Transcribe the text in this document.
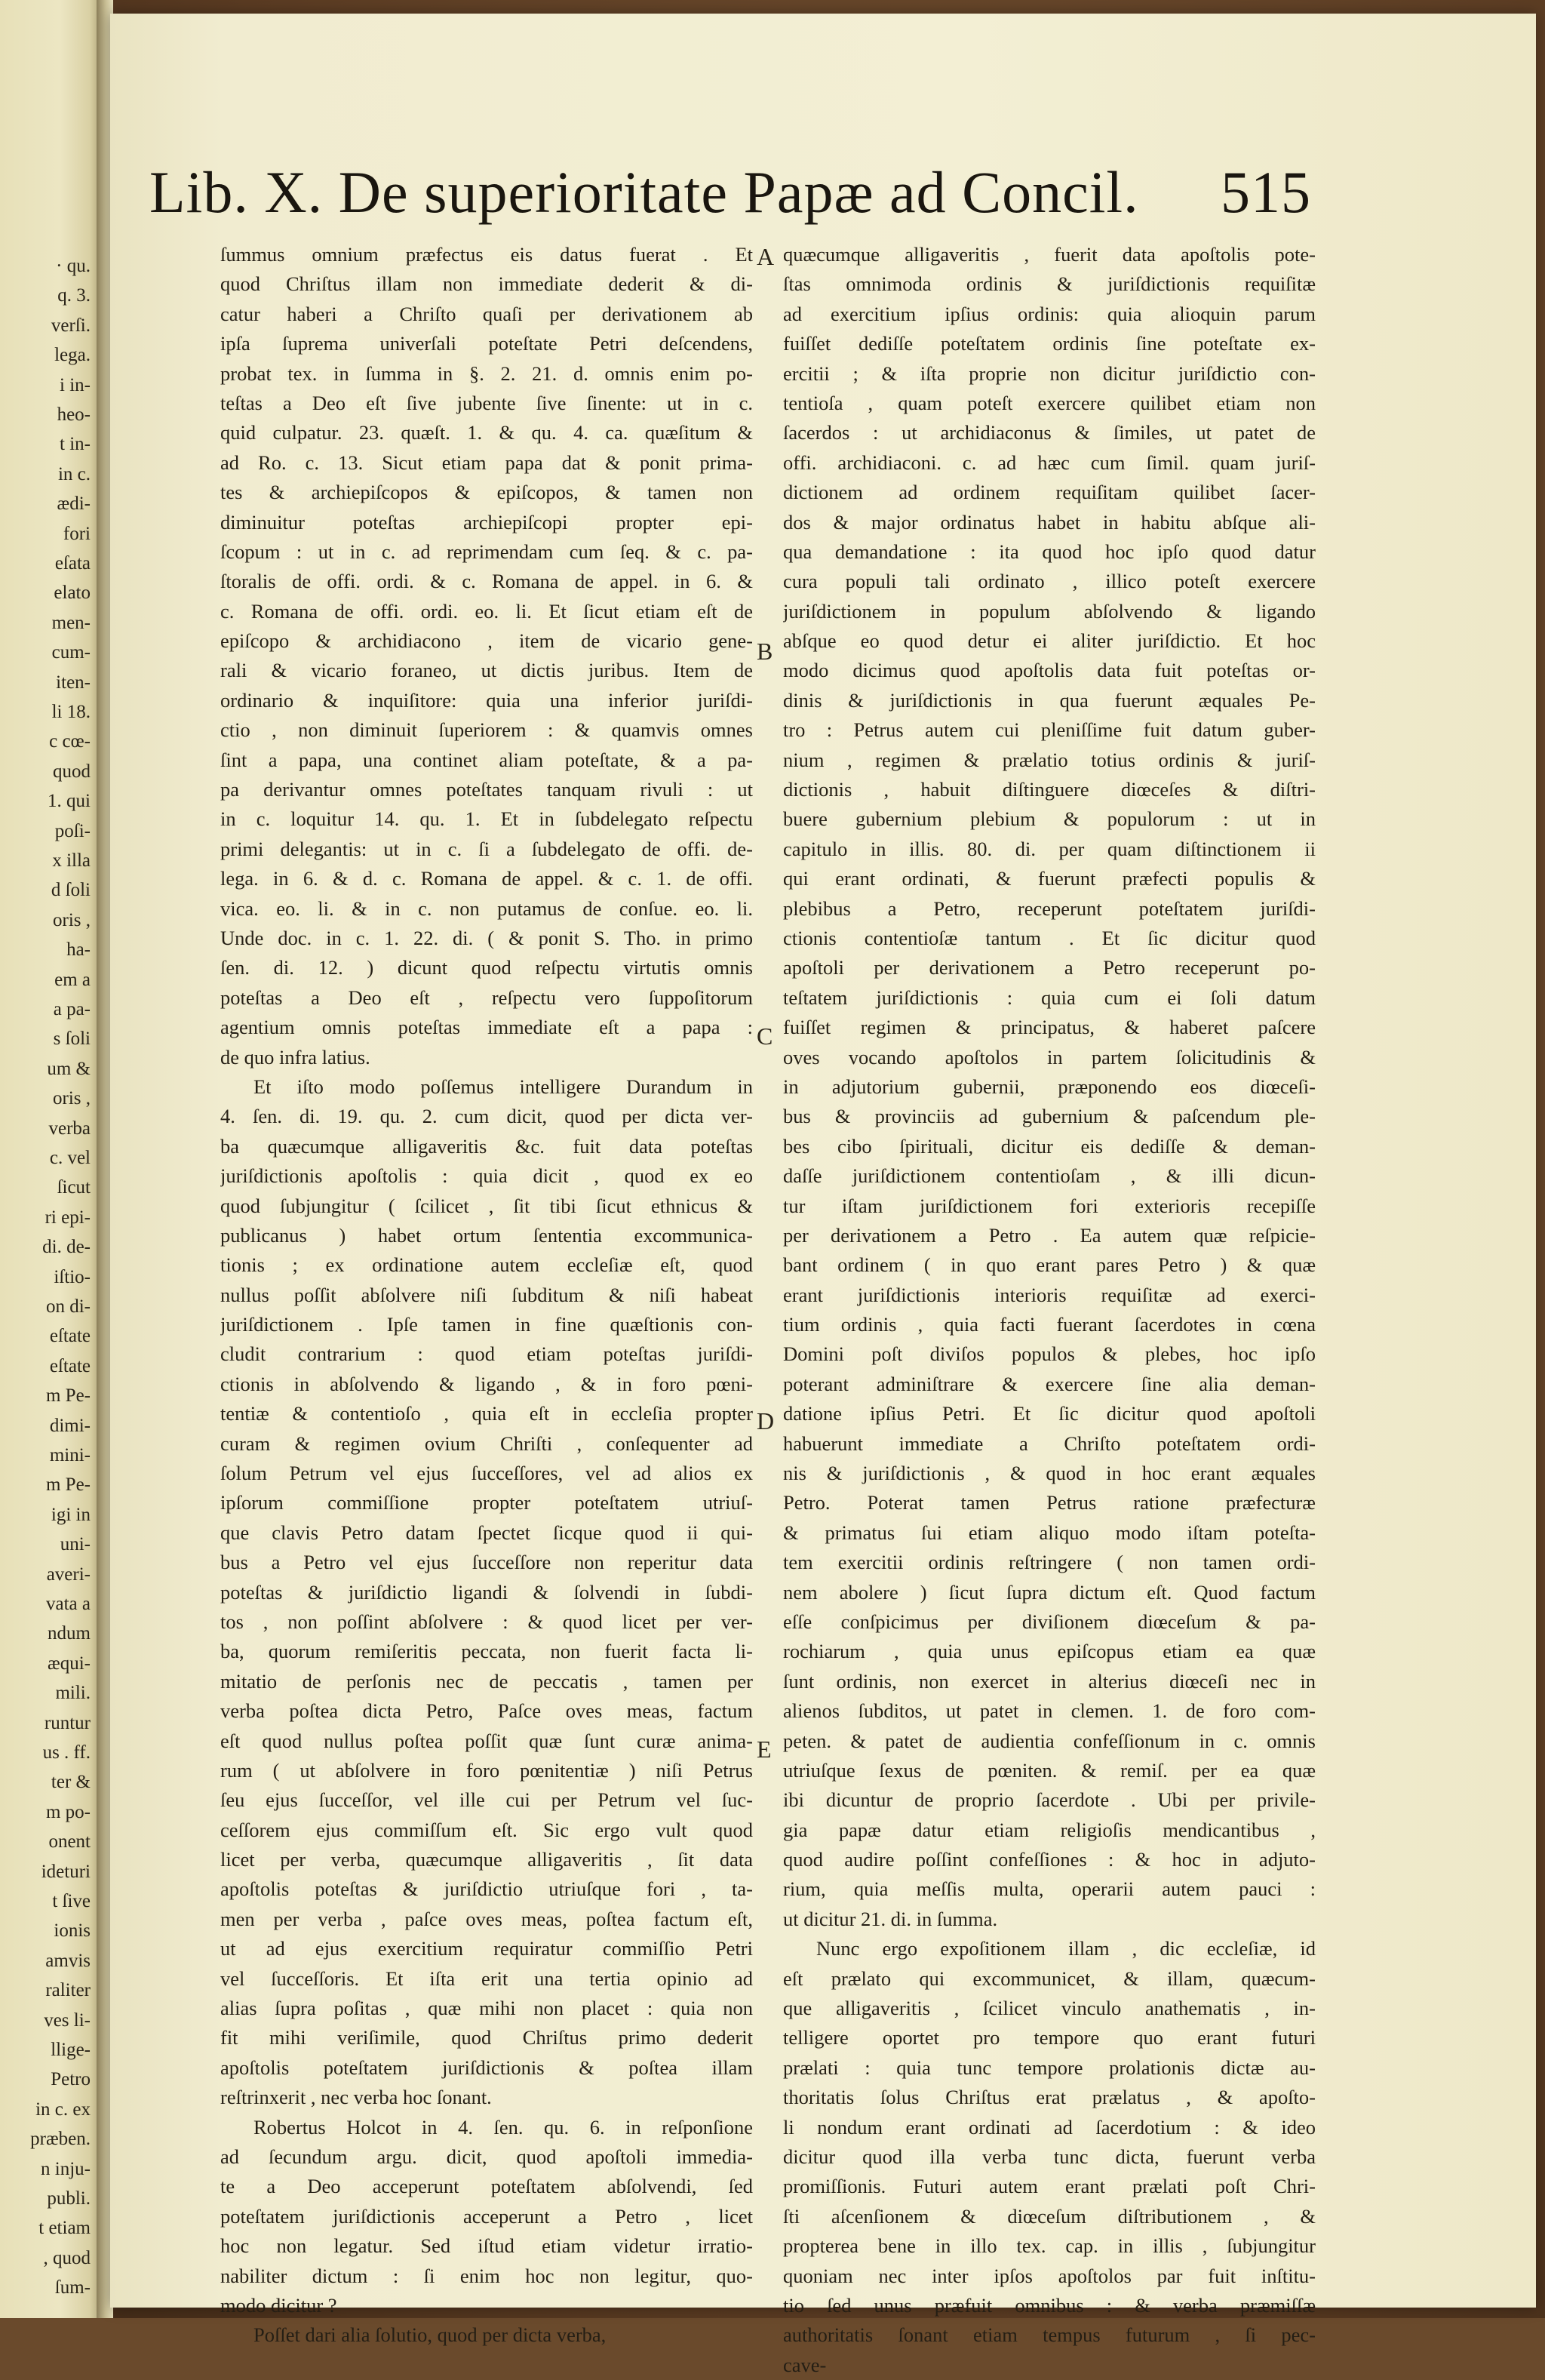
· qu.
q. 3.
verſi.
lega.
i in-
heo-
t in-
in c.
ædi-
fori
eſata
elato
men-
cum-
iten-
li 18.
c cœ-
quod
1. qui
poſi-
x illa
d ſoli
oris ,
ha-
em a
a pa-
s ſoli
um &
oris ,
verba
c. vel
ſicut
ri epi-
di. de-
iſtio-
on di-
eſtate
eſtate
m Pe-
dimi-
mini-
m Pe-
igi in
uni-
averi-
vata a
ndum
æqui-
mili.
runtur
us . ff.
ter &
m po-
onent
ideturi
t ſive
ionis
amvis
raliter
ves li-
llige-
Petro
in c. ex
præben.
n inju-
publi.
t etiam
, quod
ſum-
Lib. X. De superioritate Papæ ad Concil. 515
ſummus omnium præfectus eis datus fuerat . Et
quod Chriſtus illam non immediate dederit & di-
catur haberi a Chriſto quaſi per derivationem ab
ipſa ſuprema univerſali poteſtate Petri deſcendens,
probat tex. in ſumma in §. 2. 21. d. omnis enim po-
teſtas a Deo eſt ſive jubente ſive ſinente: ut in c.
quid culpatur. 23. quæſt. 1. & qu. 4. ca. quæſitum &
ad Ro. c. 13. Sicut etiam papa dat & ponit prima-
tes & archiepiſcopos & epiſcopos, & tamen non
diminuitur poteſtas archiepiſcopi propter epi-
ſcopum : ut in c. ad reprimendam cum ſeq. & c. pa-
ſtoralis de offi. ordi. & c. Romana de appel. in 6. &
c. Romana de offi. ordi. eo. li. Et ſicut etiam eſt de
epiſcopo & archidiacono , item de vicario gene-
rali & vicario foraneo, ut dictis juribus. Item de
ordinario & inquiſitore: quia una inferior juriſdi-
ctio , non diminuit ſuperiorem : & quamvis omnes
ſint a papa, una continet aliam poteſtate, & a pa-
pa derivantur omnes poteſtates tanquam rivuli : ut
in c. loquitur 14. qu. 1. Et in ſubdelegato reſpectu
primi delegantis: ut in c. ſi a ſubdelegato de offi. de-
lega. in 6. & d. c. Romana de appel. & c. 1. de offi.
vica. eo. li. & in c. non putamus de conſue. eo. li.
Unde doc. in c. 1. 22. di. ( & ponit S. Tho. in primo
ſen. di. 12. ) dicunt quod reſpectu virtutis omnis
poteſtas a Deo eſt , reſpectu vero ſuppoſitorum
agentium omnis poteſtas immediate eſt a papa :
de quo infra latius.
Et iſto modo poſſemus intelligere Durandum in
4. ſen. di. 19. qu. 2. cum dicit, quod per dicta ver-
ba quæcumque alligaveritis &c. fuit data poteſtas
juriſdictionis apoſtolis : quia dicit , quod ex eo
quod ſubjungitur ( ſcilicet , ſit tibi ſicut ethnicus &
publicanus ) habet ortum ſententia excommunica-
tionis ; ex ordinatione autem eccleſiæ eſt, quod
nullus poſſit abſolvere niſi ſubditum & niſi habeat
juriſdictionem . Ipſe tamen in fine quæſtionis con-
cludit contrarium : quod etiam poteſtas juriſdi-
ctionis in abſolvendo & ligando , & in foro pœni-
tentiæ & contentioſo , quia eſt in eccleſia propter
curam & regimen ovium Chriſti , conſequenter ad
ſolum Petrum vel ejus ſucceſſores, vel ad alios ex
ipſorum commiſſione propter poteſtatem utriuſ-
que clavis Petro datam ſpectet ſicque quod ii qui-
bus a Petro vel ejus ſucceſſore non reperitur data
poteſtas & juriſdictio ligandi & ſolvendi in ſubdi-
tos , non poſſint abſolvere : & quod licet per ver-
ba, quorum remiſeritis peccata, non fuerit facta li-
mitatio de perſonis nec de peccatis , tamen per
verba poſtea dicta Petro, Paſce oves meas, factum
eſt quod nullus poſtea poſſit quæ ſunt curæ anima-
rum ( ut abſolvere in foro pœnitentiæ ) niſi Petrus
ſeu ejus ſucceſſor, vel ille cui per Petrum vel ſuc-
ceſſorem ejus commiſſum eſt. Sic ergo vult quod
licet per verba, quæcumque alligaveritis , ſit data
apoſtolis poteſtas & juriſdictio utriuſque fori , ta-
men per verba , paſce oves meas, poſtea factum eſt,
ut ad ejus exercitium requiratur commiſſio Petri
vel ſucceſſoris. Et iſta erit una tertia opinio ad
alias ſupra poſitas , quæ mihi non placet : quia non
fit mihi veriſimile, quod Chriſtus primo dederit
apoſtolis poteſtatem juriſdictionis & poſtea illam
reſtrinxerit , nec verba hoc ſonant.
Robertus Holcot in 4. ſen. qu. 6. in reſponſione
ad ſecundum argu. dicit, quod apoſtoli immedia-
te a Deo acceperunt poteſtatem abſolvendi, ſed
poteſtatem juriſdictionis acceperunt a Petro , licet
hoc non legatur. Sed iſtud etiam videtur irratio-
nabiliter dictum : ſi enim hoc non legitur, quo-
modo dicitur ?
Poſſet dari alia ſolutio, quod per dicta verba,
quæcumque alligaveritis , fuerit data apoſtolis pote-
ſtas omnimoda ordinis & juriſdictionis requiſitæ
ad exercitium ipſius ordinis: quia alioquin parum
fuiſſet dediſſe poteſtatem ordinis ſine poteſtate ex-
ercitii ; & iſta proprie non dicitur juriſdictio con-
tentioſa , quam poteſt exercere quilibet etiam non
ſacerdos : ut archidiaconus & ſimiles, ut patet de
offi. archidiaconi. c. ad hæc cum ſimil. quam juriſ-
dictionem ad ordinem requiſitam quilibet ſacer-
dos & major ordinatus habet in habitu abſque ali-
qua demandatione : ita quod hoc ipſo quod datur
cura populi tali ordinato , illico poteſt exercere
juriſdictionem in populum abſolvendo & ligando
abſque eo quod detur ei aliter juriſdictio. Et hoc
modo dicimus quod apoſtolis data fuit poteſtas or-
dinis & juriſdictionis in qua fuerunt æquales Pe-
tro : Petrus autem cui pleniſſime fuit datum guber-
nium , regimen & prælatio totius ordinis & juriſ-
dictionis , habuit diſtinguere diœceſes & diſtri-
buere gubernium plebium & populorum : ut in
capitulo in illis. 80. di. per quam diſtinctionem ii
qui erant ordinati, & fuerunt præfecti populis &
plebibus a Petro, receperunt poteſtatem juriſdi-
ctionis contentioſæ tantum . Et ſic dicitur quod
apoſtoli per derivationem a Petro receperunt po-
teſtatem juriſdictionis : quia cum ei ſoli datum
fuiſſet regimen & principatus, & haberet paſcere
oves vocando apoſtolos in partem ſolicitudinis &
in adjutorium gubernii, præponendo eos diœceſi-
bus & provinciis ad gubernium & paſcendum ple-
bes cibo ſpirituali, dicitur eis dediſſe & deman-
daſſe juriſdictionem contentioſam , & illi dicun-
tur iſtam juriſdictionem fori exterioris recepiſſe
per derivationem a Petro . Ea autem quæ reſpicie-
bant ordinem ( in quo erant pares Petro ) & quæ
erant juriſdictionis interioris requiſitæ ad exerci-
tium ordinis , quia facti fuerant ſacerdotes in cœna
Domini poſt diviſos populos & plebes, hoc ipſo
poterant adminiſtrare & exercere ſine alia deman-
datione ipſius Petri. Et ſic dicitur quod apoſtoli
habuerunt immediate a Chriſto poteſtatem ordi-
nis & juriſdictionis , & quod in hoc erant æquales
Petro. Poterat tamen Petrus ratione præfecturæ
& primatus ſui etiam aliquo modo iſtam poteſta-
tem exercitii ordinis reſtringere ( non tamen ordi-
nem abolere ) ſicut ſupra dictum eſt. Quod factum
eſſe conſpicimus per diviſionem diœceſum & pa-
rochiarum , quia unus epiſcopus etiam ea quæ
ſunt ordinis, non exercet in alterius diœceſi nec in
alienos ſubditos, ut patet in clemen. 1. de foro com-
peten. & patet de audientia confeſſionum in c. omnis
utriuſque ſexus de pœniten. & remiſ. per ea quæ
ibi dicuntur de proprio ſacerdote . Ubi per privile-
gia papæ datur etiam religioſis mendicantibus ,
quod audire poſſint confeſſiones : & hoc in adjuto-
rium, quia meſſis multa, operarii autem pauci :
ut dicitur 21. di. in ſumma.
Nunc ergo expoſitionem illam , dic eccleſiæ, id
eſt prælato qui excommunicet, & illam, quæcum-
que alligaveritis , ſcilicet vinculo anathematis , in-
telligere oportet pro tempore quo erant futuri
prælati : quia tunc tempore prolationis dictæ au-
thoritatis ſolus Chriſtus erat prælatus , & apoſto-
li nondum erant ordinati ad ſacerdotium : & ideo
dicitur quod illa verba tunc dicta, fuerunt verba
promiſſionis. Futuri autem erant prælati poſt Chri-
ſti aſcenſionem & diœceſum diſtributionem , &
propterea bene in illo tex. cap. in illis , ſubjungitur
quoniam nec inter ipſos apoſtolos par fuit inſtitu-
tio ſed unus præfuit omnibus : & verba præmiſſæ
authoritatis ſonant etiam tempus futurum , ſi pec-
cave-
A
B
C
D
E
